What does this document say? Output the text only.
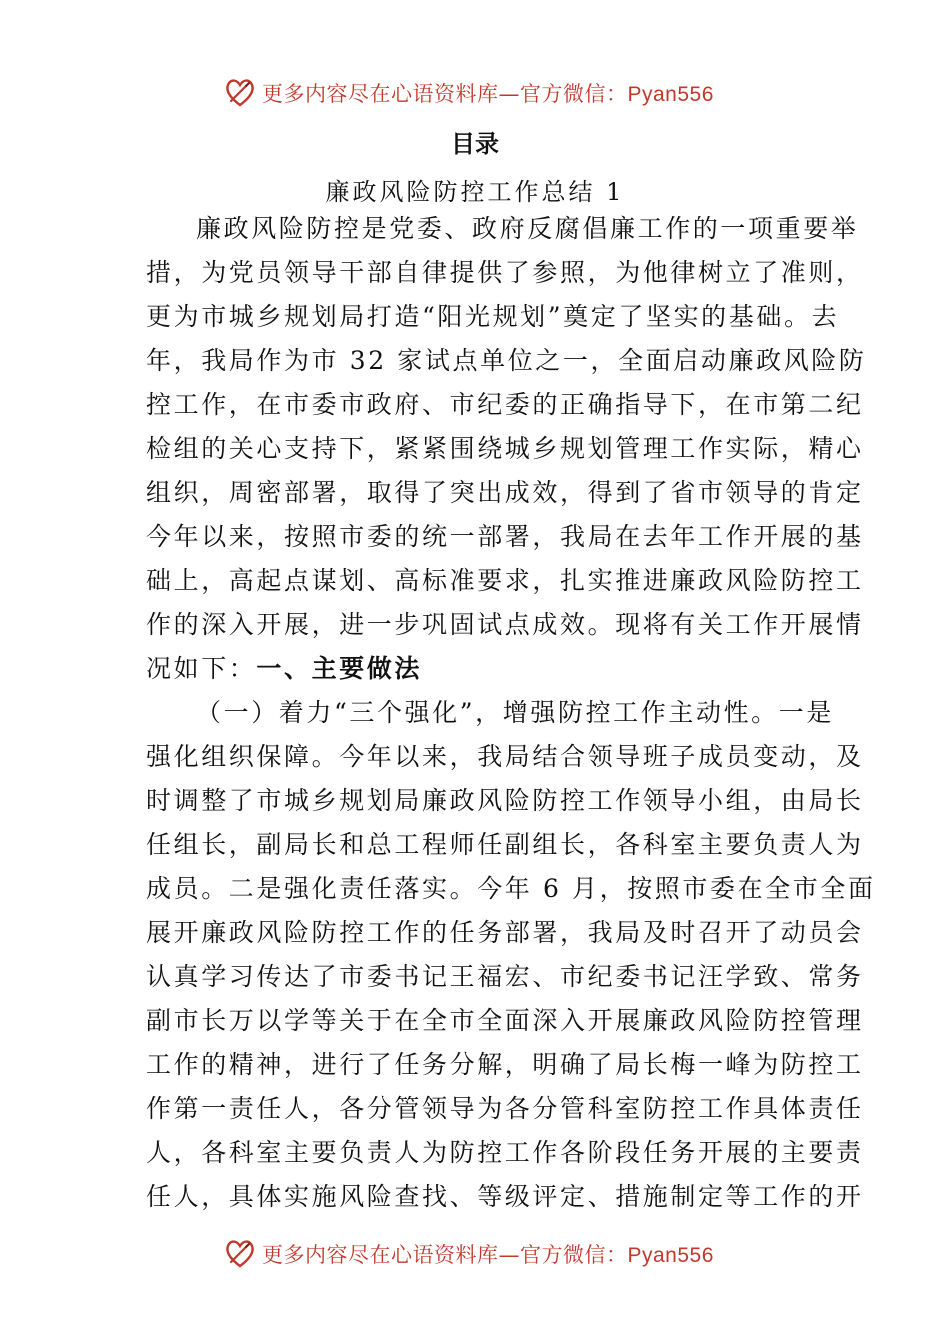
更多内容尽在心语资料库—官方微信：Pyan556
目录
廉政风险防控工作总结 1
廉政风险防控是党委、政府反腐倡廉工作的一项重要举
措，为党员领导干部自律提供了参照，为他律树立了准则，
更为市城乡规划局打造“阳光规划”奠定了坚实的基础。去
年，我局作为市 32 家试点单位之一，全面启动廉政风险防
控工作，在市委市政府、市纪委的正确指导下，在市第二纪
检组的关心支持下，紧紧围绕城乡规划管理工作实际，精心
组织，周密部署，取得了突出成效，得到了省市领导的肯定
今年以来，按照市委的统一部署，我局在去年工作开展的基
础上，高起点谋划、高标准要求，扎实推进廉政风险防控工
作的深入开展，进一步巩固试点成效。现将有关工作开展情
况如下：一、主要做法
（一）着力“三个强化”，增强防控工作主动性。一是
强化组织保障。今年以来，我局结合领导班子成员变动，及
时调整了市城乡规划局廉政风险防控工作领导小组，由局长
任组长，副局长和总工程师任副组长，各科室主要负责人为
成员。二是强化责任落实。今年 6 月，按照市委在全市全面
展开廉政风险防控工作的任务部署，我局及时召开了动员会
认真学习传达了市委书记王福宏、市纪委书记汪学致、常务
副市长万以学等关于在全市全面深入开展廉政风险防控管理
工作的精神，进行了任务分解，明确了局长梅一峰为防控工
作第一责任人，各分管领导为各分管科室防控工作具体责任
人，各科室主要负责人为防控工作各阶段任务开展的主要责
任人，具体实施风险查找、等级评定、措施制定等工作的开
更多内容尽在心语资料库—官方微信：Pyan556
